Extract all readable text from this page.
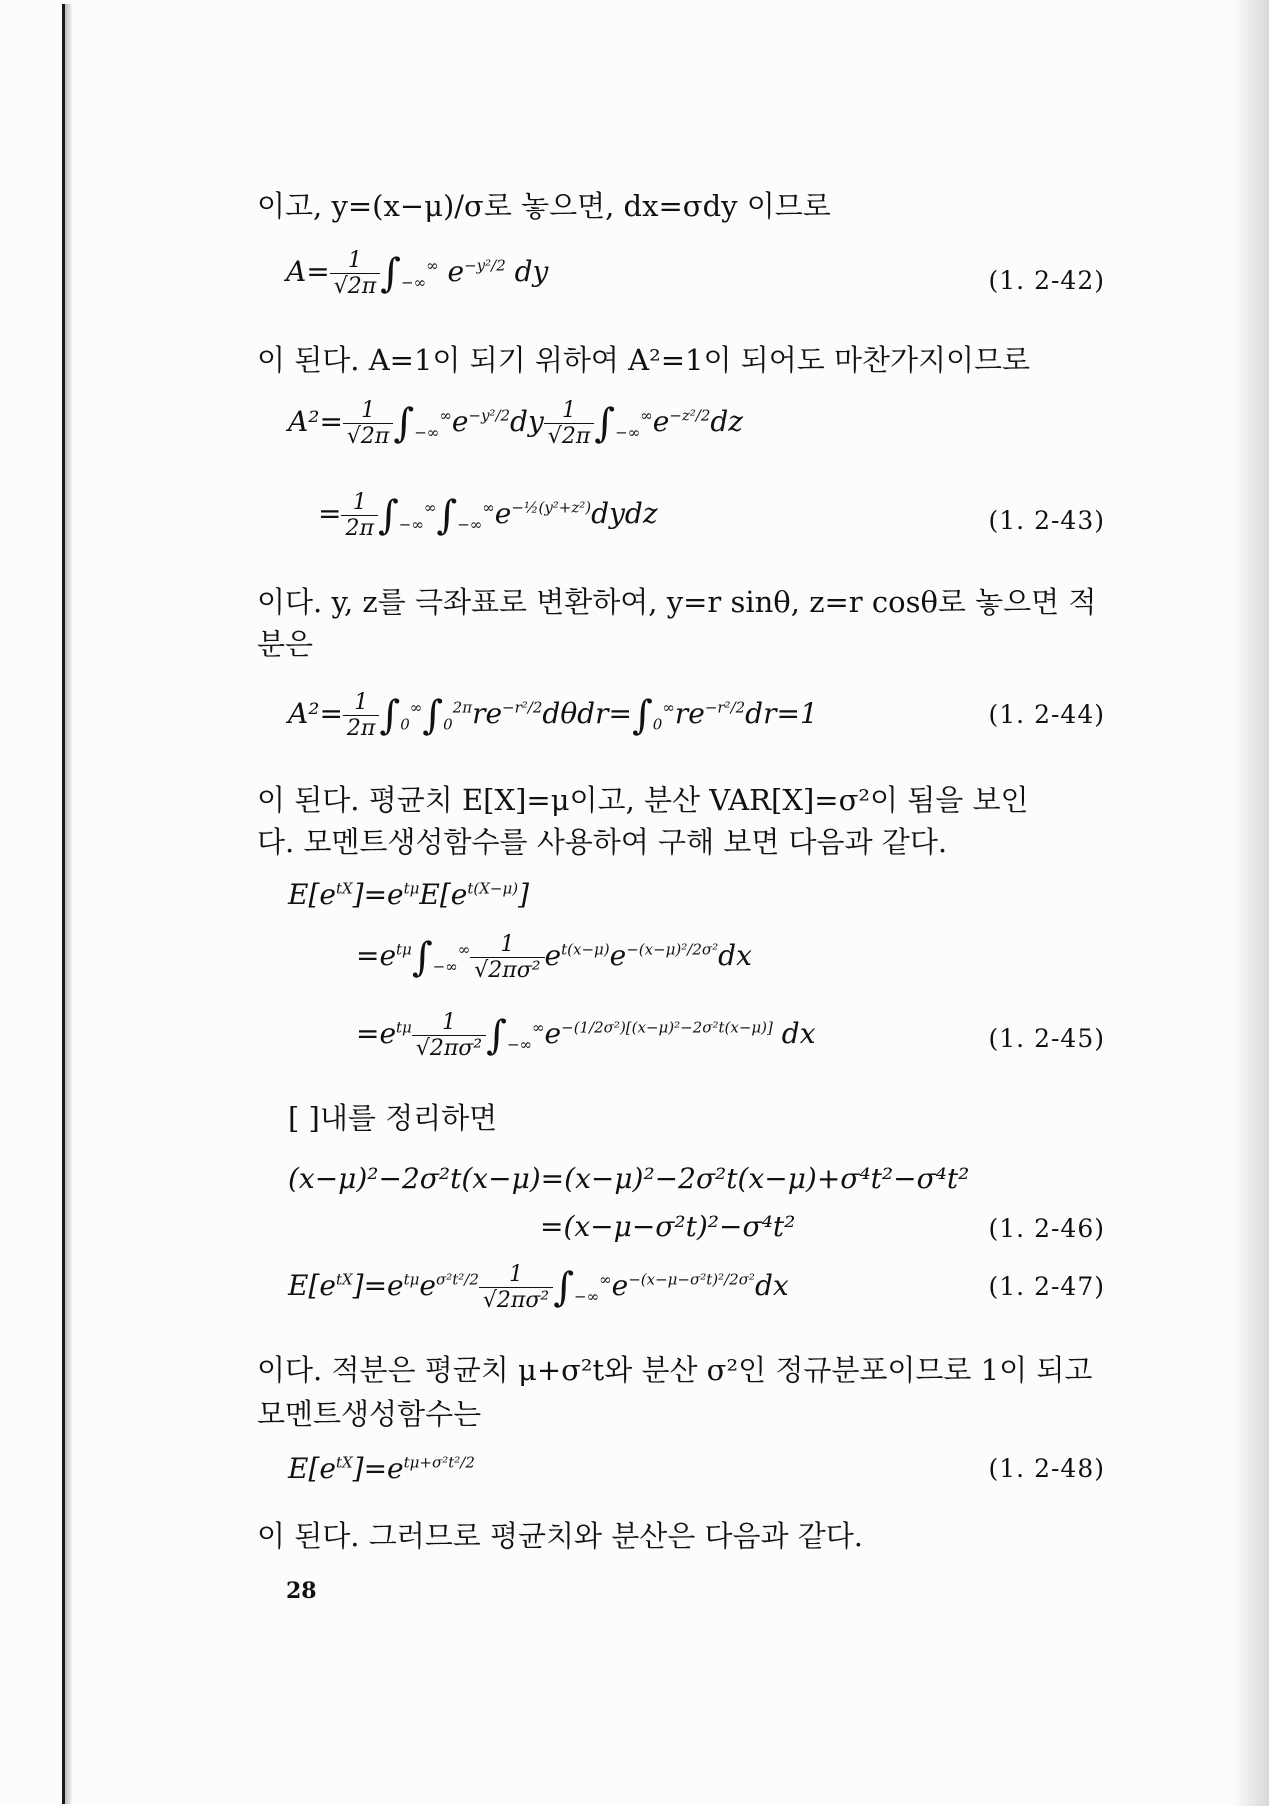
이고, y=(x−μ)/σ로 놓으면, dx=σdy 이므로
$A= \frac{1}{√2\pi} \int_{-\infty}^\infty$ $e^{-y^2/2}$ dy	(1. 2-42)
이 된다. A=1이 되기 위하여 A²=1이 되어도 마찬가지이므로
$A^2= \frac{1}{√2\pi} \int_{-\infty}^\infty e^{-y^2/2}dy \frac{1}{√2\pi} \int_{-\infty}^\infty e^{-z^2/2}dz$
= $\frac{1}{2\pi}$ $\int_{-\infty}^\infty\int_{-\infty}^\infty e^{-\frac{1}{2}(y^2+z^2)}dydz$	(1. 2-43)
이다. y, z를 극좌표로 변환하여, y=r sinθ, z=r cosθ로 놓으면 적
분은
$A^2= \frac{1}{2\pi} \int_0^\infty\int_0^{2\pi}re^{-r^2/2}d\theta dr=\int_0^\infty re^{-r^2/2}dr=1$	(1. 2-44)
이 된다. 평균치 E[X]=μ이고, 분산 VAR[X]=σ²이 됨을 보인
다. 모멘트생성함수를 사용하여 구해 보면 다음과 같다.
$E[e^{tX}]=e^{t\mu}E[e^{t(X-\mu)}]$
$=e^{t\mu}\int_{-\infty}^\infty \frac{1}{\text{√2πσ²}} e^{t(x-\mu)}e^{-(x-\mu)^2/2\sigma^2}dx$
$=e^{t\mu} \frac{1}{\text{√2πσ²}} \int_{-\infty}^\infty e^{-(1/2\sigma^2)[(x-\mu)^2-2\sigma^2t(x-\mu)]}$ dx	(1. 2-45)
[ ]내를 정리하면
(x−μ)²−2σ²t(x−μ)=(x−μ)²−2σ²t(x−μ)+σ⁴t²−σ⁴t²
=(x−μ−σ²t)²−σ⁴t²	(1. 2-46)
$E[e^{tX}]=e^{t\mu}e^{\sigma^2t^2/2} \frac{1}{\text{√2πσ²}} \int_{-\infty}^\infty e^{-(x-\mu-\sigma^2t)^2/2\sigma^2}dx$	(1. 2-47)
이다. 적분은 평균치 μ+σ²t와 분산 σ²인 정규분포이므로 1이 되고
모멘트생성함수는
$E[e^{tX}]=e^{t\mu+\sigma^2t^2/2}$	(1. 2-48)
이 된다. 그러므로 평균치와 분산은 다음과 같다.
28
